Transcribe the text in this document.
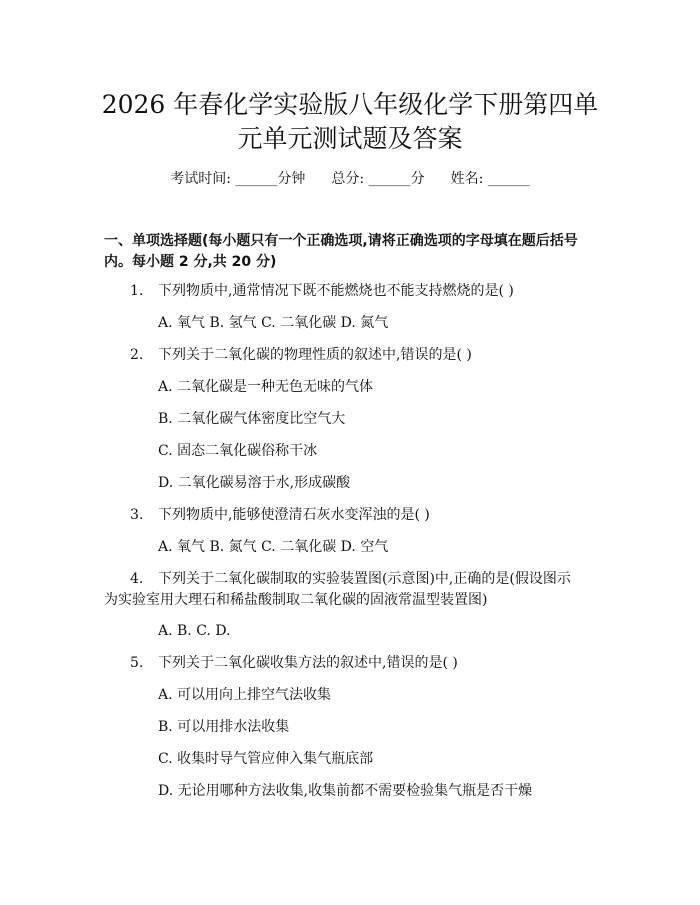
2026 年春化学实验版八年级化学下册第四单
元单元测试题及答案
考试时间: ______分钟 总分: ______分 姓名: ______
一、单项选择题(每小题只有一个正确选项,请将正确选项的字母填在题后括号
内。每小题 2 分,共 20 分)
1. 下列物质中,通常情况下既不能燃烧也不能支持燃烧的是( )
A. 氧气 B. 氢气 C. 二氧化碳 D. 氮气
2. 下列关于二氧化碳的物理性质的叙述中,错误的是( )
A. 二氧化碳是一种无色无味的气体
B. 二氧化碳气体密度比空气大
C. 固态二氧化碳俗称干冰
D. 二氧化碳易溶于水,形成碳酸
3. 下列物质中,能够使澄清石灰水变浑浊的是( )
A. 氧气 B. 氮气 C. 二氧化碳 D. 空气
4. 下列关于二氧化碳制取的实验装置图(示意图)中,正确的是(假设图示
为实验室用大理石和稀盐酸制取二氧化碳的固液常温型装置图)
A. B. C. D.
5. 下列关于二氧化碳收集方法的叙述中,错误的是( )
A. 可以用向上排空气法收集
B. 可以用排水法收集
C. 收集时导气管应伸入集气瓶底部
D. 无论用哪种方法收集,收集前都不需要检验集气瓶是否干燥
